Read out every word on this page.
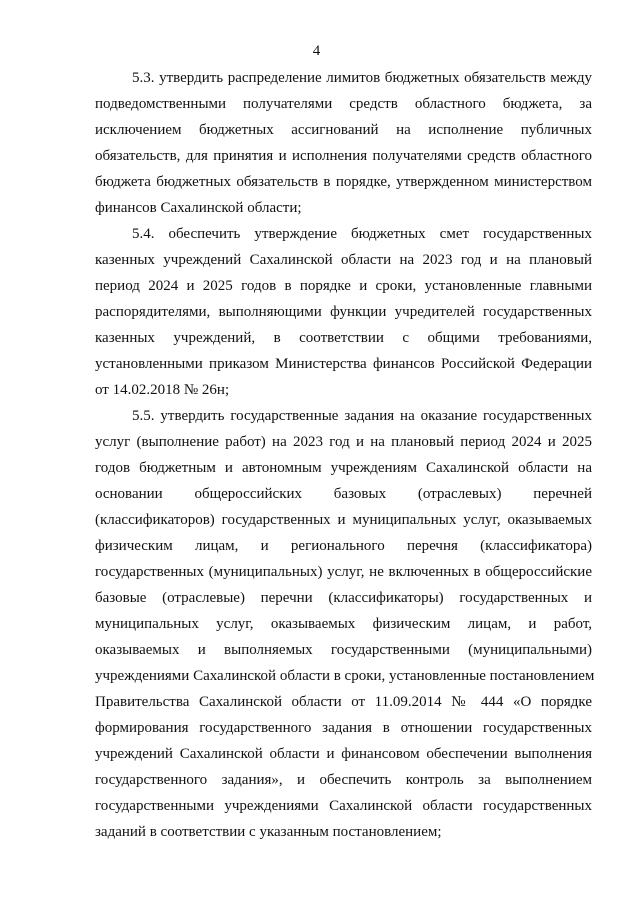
4
5.3. утвердить распределение лимитов бюджетных обязательств между
подведомственными получателями средств областного бюджета, за
исключением бюджетных ассигнований на исполнение публичных
обязательств, для принятия и исполнения получателями средств областного
бюджета бюджетных обязательств в порядке, утвержденном министерством
финансов Сахалинской области;
5.4. обеспечить утверждение бюджетных смет государственных
казенных учреждений Сахалинской области на 2023 год и на плановый
период 2024 и 2025 годов в порядке и сроки, установленные главными
распорядителями, выполняющими функции учредителей государственных
казенных учреждений, в соответствии с общими требованиями,
установленными приказом Министерства финансов Российской Федерации
от 14.02.2018 № 26н;
5.5. утвердить государственные задания на оказание государственных
услуг (выполнение работ) на 2023 год и на плановый период 2024 и 2025
годов бюджетным и автономным учреждениям Сахалинской области на
основании общероссийских базовых (отраслевых) перечней
(классификаторов) государственных и муниципальных услуг, оказываемых
физическим лицам, и регионального перечня (классификатора)
государственных (муниципальных) услуг, не включенных в общероссийские
базовые (отраслевые) перечни (классификаторы) государственных и
муниципальных услуг, оказываемых физическим лицам, и работ,
оказываемых и выполняемых государственными (муниципальными)
учреждениями Сахалинской области в сроки, установленные постановлением
Правительства Сахалинской области от 11.09.2014 № 444 «О порядке
формирования государственного задания в отношении государственных
учреждений Сахалинской области и финансовом обеспечении выполнения
государственного задания», и обеспечить контроль за выполнением
государственными учреждениями Сахалинской области государственных
заданий в соответствии с указанным постановлением;
